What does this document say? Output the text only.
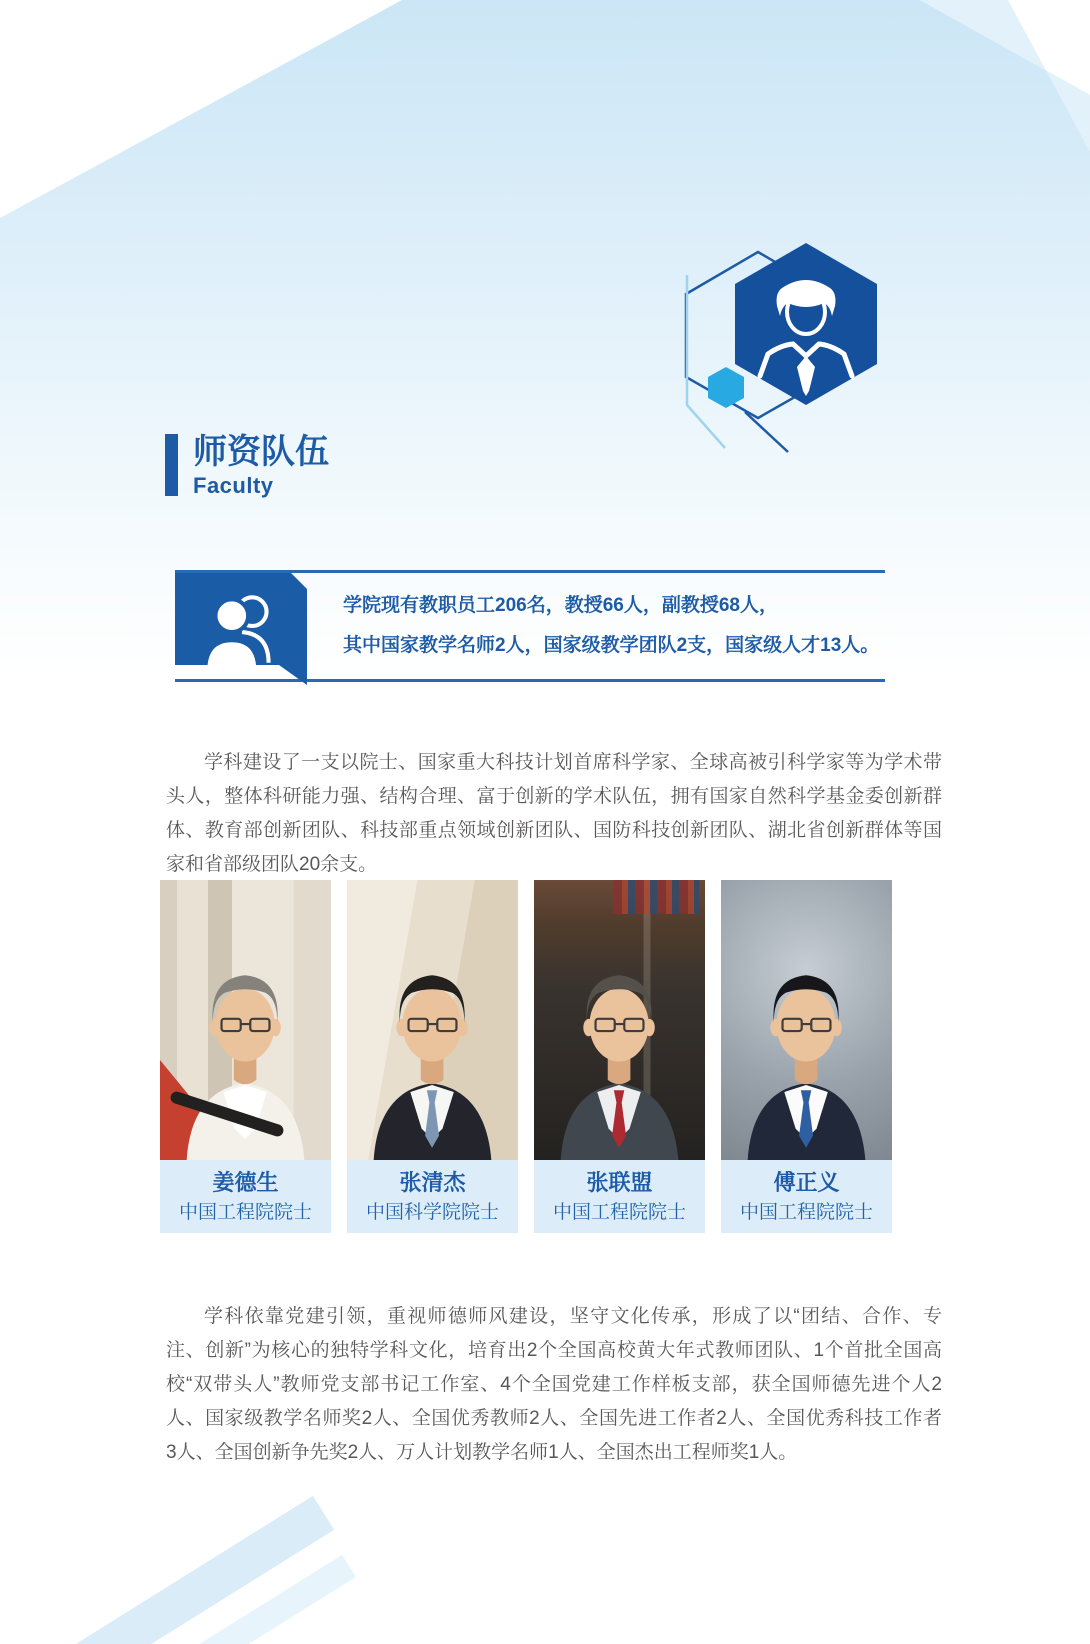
师资队伍
Faculty
学院现有教职员工206名，教授66人，副教授68人，
其中国家教学名师2人，国家级教学团队2支，国家级人才13人。
学科建设了一支以院士、国家重大科技计划首席科学家、全球高被引科学家等为学术带
头人，整体科研能力强、结构合理、富于创新的学术队伍，拥有国家自然科学基金委创新群
体、教育部创新团队、科技部重点领域创新团队、国防科技创新团队、湖北省创新群体等国
家和省部级团队20余支。
姜德生
中国工程院院士
张清杰
中国科学院院士
张联盟
中国工程院院士
傅正义
中国工程院院士
学科依靠党建引领，重视师德师风建设，坚守文化传承，形成了以“团结、合作、专
注、创新”为核心的独特学科文化，培育出2个全国高校黄大年式教师团队、1个首批全国高
校“双带头人”教师党支部书记工作室、4个全国党建工作样板支部，获全国师德先进个人2
人、国家级教学名师奖2人、全国优秀教师2人、全国先进工作者2人、全国优秀科技工作者
3人、全国创新争先奖2人、万人计划教学名师1人、全国杰出工程师奖1人。
